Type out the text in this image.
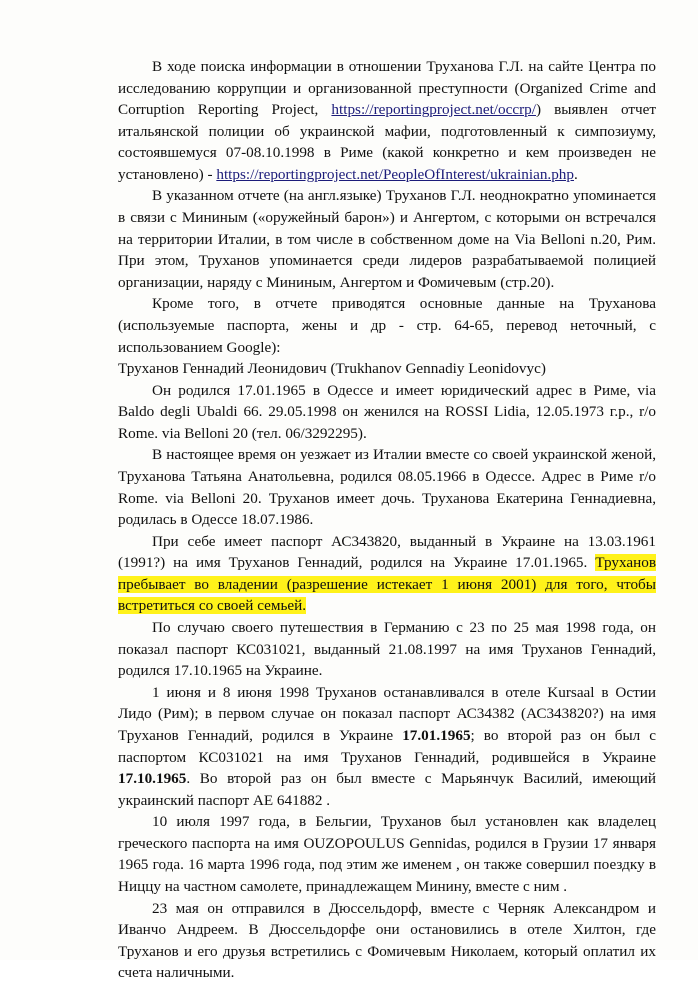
В ходе поиска информации в отношении Труханова Г.Л. на сайте Центра по исследованию коррупции и организованной преступности (Organized Crime and Corruption Reporting Project, https://reportingproject.net/occrp/) выявлен отчет итальянской полиции об украинской мафии, подготовленный к симпозиуму, состоявшемуся 07-08.10.1998 в Риме (какой конкретно и кем произведен не установлено) - https://reportingproject.net/PeopleOfInterest/ukrainian.php.

В указанном отчете (на англ.языке) Труханов Г.Л. неоднократно упоминается в связи с Мининым («оружейный барон») и Ангертом, с которыми он встречался на территории Италии, в том числе в собственном доме на Via Belloni n.20, Рим. При этом, Труханов упоминается среди лидеров разрабатываемой полицией организации, наряду с Мининым, Ангертом и Фомичевым (стр.20).

Кроме того, в отчете приводятся основные данные на Труханова (используемые паспорта, жены и др - стр. 64-65, перевод неточный, с использованием Google):

Труханов Геннадий Леонидович (Trukhanov Gennadiy Leonidovyc)

Он родился 17.01.1965 в Одессе и имеет юридический адрес в Риме, via Baldo degli Ubaldi 66. 29.05.1998 он женился на ROSSI Lidia, 12.05.1973 г.р., r/o Rome. via Belloni 20 (тел. 06/3292295).

В настоящее время он уезжает из Италии вместе со своей украинской женой, Труханова Татьяна Анатольевна, родился 08.05.1966 в Одессе. Адрес в Риме r/o Rome. via Belloni 20. Труханов имеет дочь. Труханова Екатерина Геннадиевна, родилась в Одессе 18.07.1986.

При себе имеет паспорт АС343820, выданный в Украине на 13.03.1961 (1991?) на имя Труханов Геннадий, родился на Украине 17.01.1965. Труханов пребывает во владении (разрешение истекает 1 июня 2001) для того, чтобы встретиться со своей семьей.

По случаю своего путешествия в Германию с 23 по 25 мая 1998 года, он показал паспорт КС031021, выданный 21.08.1997 на имя Труханов Геннадий, родился 17.10.1965 на Украине.

1 июня и 8 июня 1998 Труханов останавливался в отеле Kursaal в Остии Лидо (Рим); в первом случае он показал паспорт АС34382 (АС343820?) на имя Труханов Геннадий, родился в Украине 17.01.1965; во второй раз он был с паспортом КС031021 на имя Труханов Геннадий, родившейся в Украине 17.10.1965. Во второй раз он был вместе с Марьянчук Василий, имеющий украинский паспорт АЕ 641882 .

10 июля 1997 года, в Бельгии, Труханов был установлен как владелец греческого паспорта на имя OUZOPOULUS Gennidas, родился в Грузии 17 января 1965 года. 16 марта 1996 года, под этим же именем , он также совершил поездку в Ниццу на частном самолете, принадлежащем Минину, вместе с ним .

23 мая он отправился в Дюссельдорф, вместе с Черняк Александром и Иванчо Андреем. В Дюссельдорфе они остановились в отеле Хилтон, где Труханов и его друзья встретились с Фомичевым Николаем, который оплатил их счета наличными.
